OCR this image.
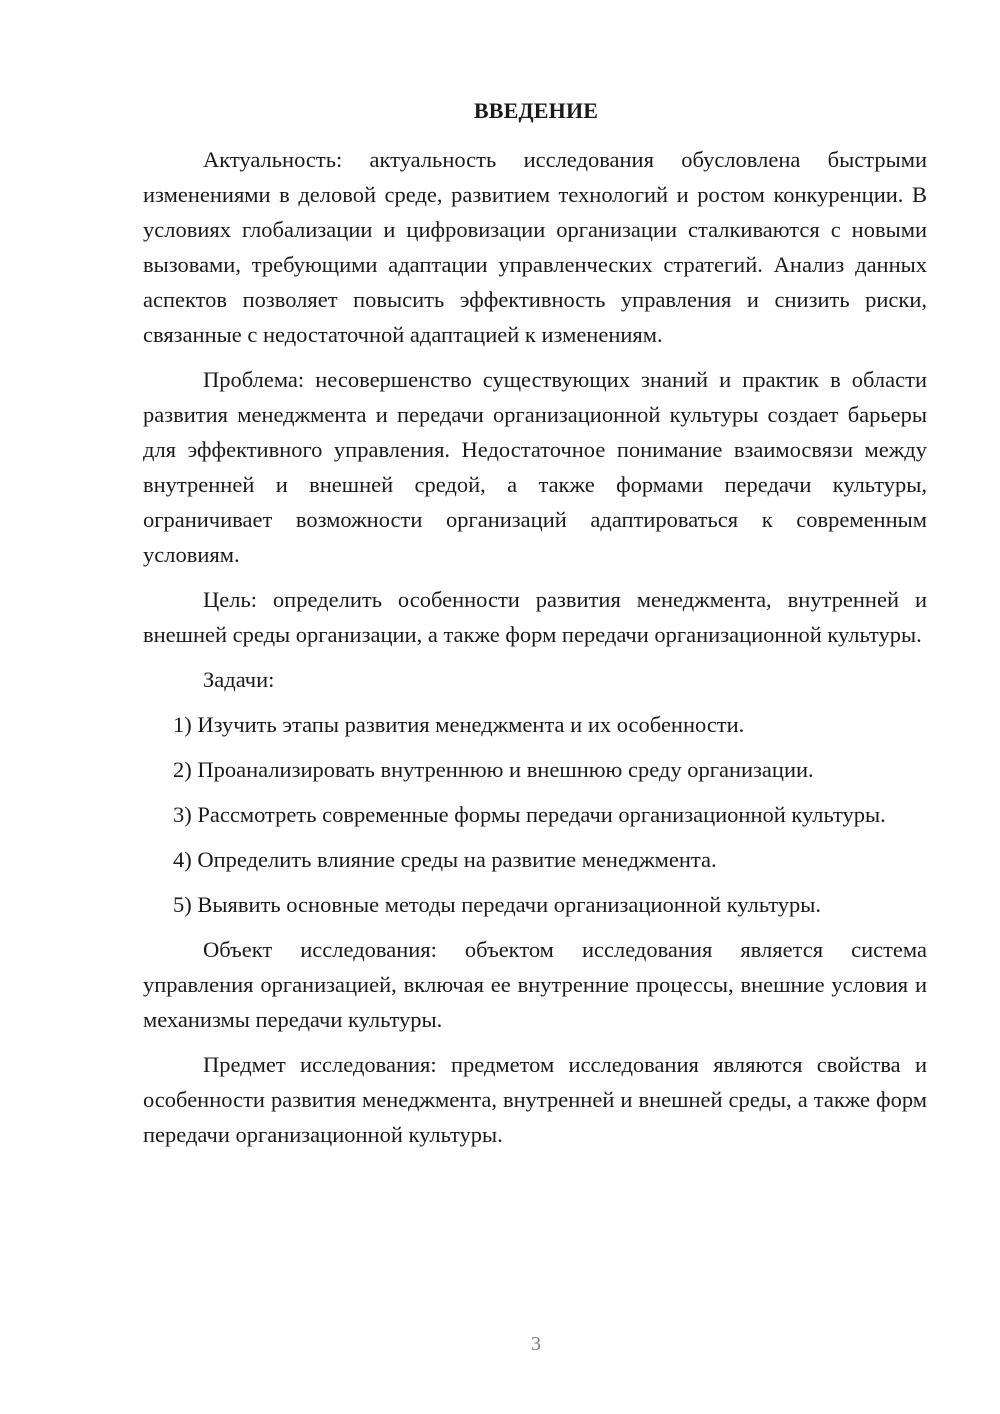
ВВЕДЕНИЕ

Актуальность: актуальность исследования обусловлена быстрыми изменениями в деловой среде, развитием технологий и ростом конкуренции. В условиях глобализации и цифровизации организации сталкиваются с новыми вызовами, требующими адаптации управленческих стратегий. Анализ данных аспектов позволяет повысить эффективность управления и снизить риски, связанные с недостаточной адаптацией к изменениям.

Проблема: несовершенство существующих знаний и практик в области развития менеджмента и передачи организационной культуры создает барьеры для эффективного управления. Недостаточное понимание взаимосвязи между внутренней и внешней средой, а также формами передачи культуры, ограничивает возможности организаций адаптироваться к современным условиям.

Цель: определить особенности развития менеджмента, внутренней и внешней среды организации, а также форм передачи организационной культуры.

Задачи:

1) Изучить этапы развития менеджмента и их особенности.

2) Проанализировать внутреннюю и внешнюю среду организации.

3) Рассмотреть современные формы передачи организационной культуры.

4) Определить влияние среды на развитие менеджмента.

5) Выявить основные методы передачи организационной культуры.

Объект исследования: объектом исследования является система управления организацией, включая ее внутренние процессы, внешние условия и механизмы передачи культуры.

Предмет исследования: предметом исследования являются свойства и особенности развития менеджмента, внутренней и внешней среды, а также форм передачи организационной культуры.

3
